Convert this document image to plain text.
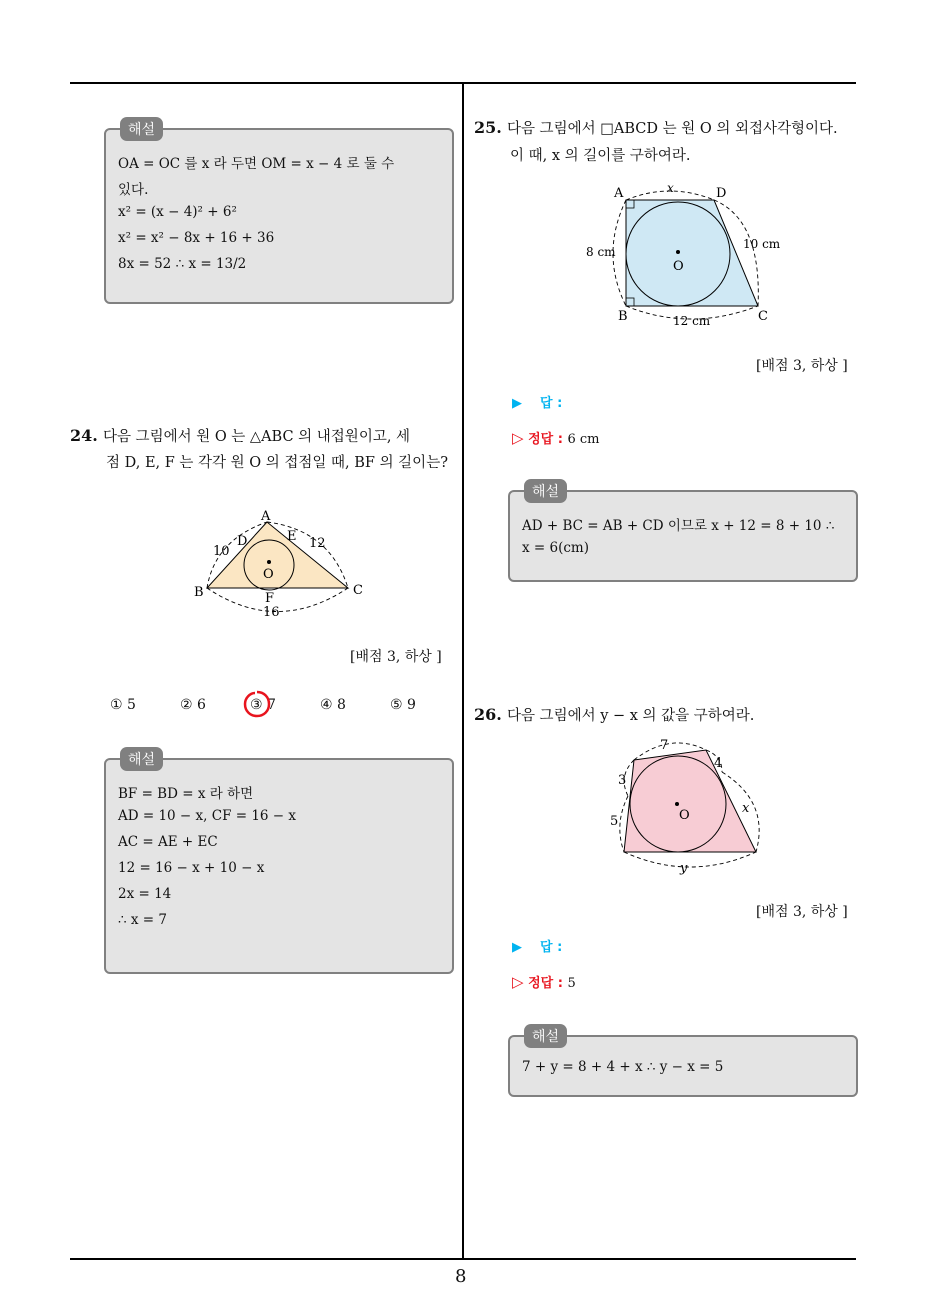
해설
OA = OC 를 x 라 두면 OM = x − 4 로 둘 수
있다.
x² = (x − 4)² + 6²
x² = x² − 8x + 16 + 36
8x = 52 ∴ x = 13/2
24. 다음 그림에서 원 O 는 △ABC 의 내접원이고, 세
점 D, E, F 는 각각 원 O 의 접점일 때, BF 의 길이는?
A
B	C
D	E
F
O
10
12
16
[배점 3, 하상 ]
① 5	② 6	③ 7	④ 8	⑤ 9
해설
BF = BD = x 라 하면
AD = 10 − x, CF = 16 − x
AC = AE + EC
12 = 16 − x + 10 − x
2x = 14
∴ x = 7
25. 다음 그림에서 □ABCD 는 원 O 의 외접사각형이다.
이 때, x 의 길이를 구하여라.
A	D
B	C
O
x
8 cm
10 cm
12 cm
[배점 3, 하상 ]
▶ 답 :
▷ 정답 : 6 cm
해설
AD + BC = AB + CD 이므로 x + 12 = 8 + 10 ∴
x = 6(cm)
26. 다음 그림에서 y − x 의 값을 구하여라.
7
4
3
5
x
y
O
[배점 3, 하상 ]
▶ 답 :
▷ 정답 : 5
해설
7 + y = 8 + 4 + x ∴ y − x = 5
8
